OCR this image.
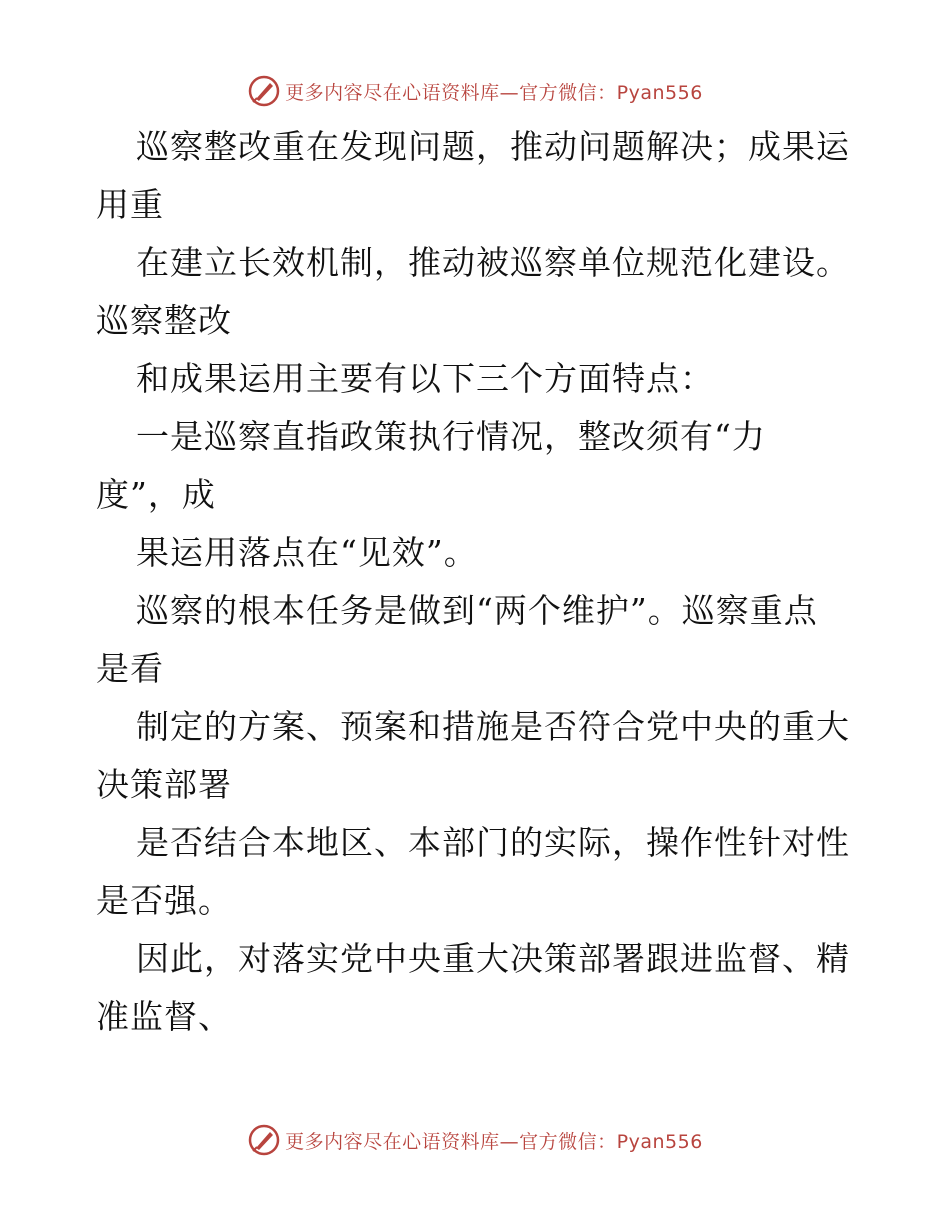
更多内容尽在心语资料库—官方微信：Pyan556

巡察整改重在发现问题，推动问题解决；成果运

用重

在建立长效机制，推动被巡察单位规范化建设。

巡察整改

和成果运用主要有以下三个方面特点：

一是巡察直指政策执行情况，整改须有“力

度”，成

果运用落点在“见效”。

巡察的根本任务是做到“两个维护”。巡察重点

是看

制定的方案、预案和措施是否符合党中央的重大

决策部署

是否结合本地区、本部门的实际，操作性针对性

是否强。

因此，对落实党中央重大决策部署跟进监督、精

准监督、

更多内容尽在心语资料库—官方微信：Pyan556
